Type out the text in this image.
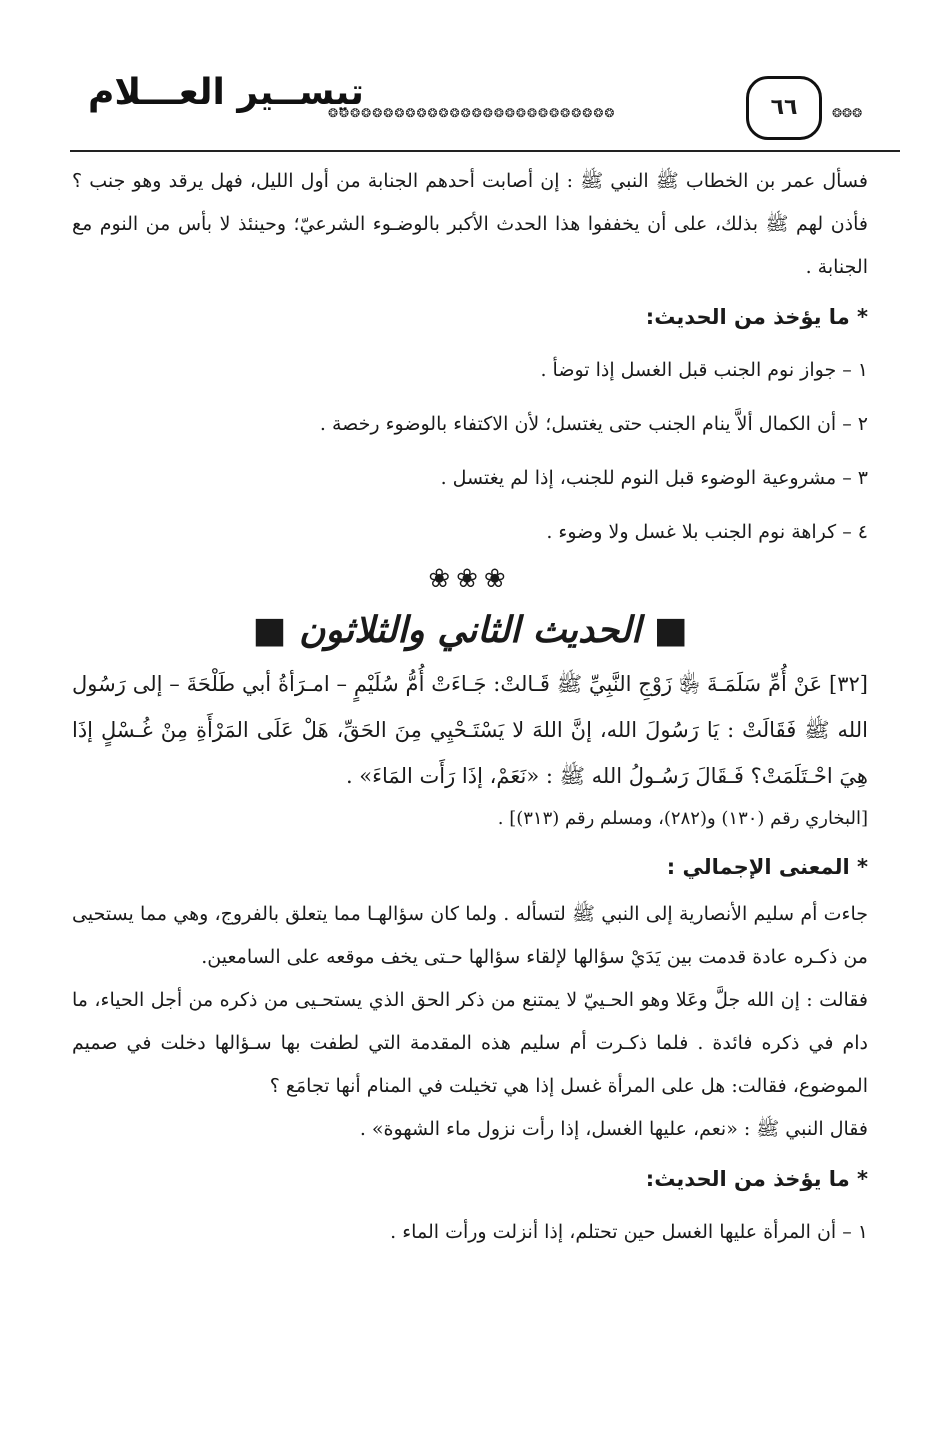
تيســير العـــلام
❂❂❂❂❂❂❂❂❂❂❂❂❂❂❂❂❂❂❂❂❂❂❂❂❂❂	٦٦	❂❂❂

فسأل عمر بن الخطاب ﷺ النبي ﷺ : إن أصابت أحدهم الجنابة من أول الليل، فهل يرقد وهو جنب ؟ فأذن لهم ﷺ بذلك، على أن يخففوا هذا الحدث الأكبر بالوضـوء الشرعيّ؛ وحينئذ لا بأس من النوم مع الجنابة .

* ما يؤخذ من الحديث:

١ – جواز نوم الجنب قبل الغسل إذا توضأ .

٢ – أن الكمال ألاَّ ينام الجنب حتى يغتسل؛ لأن الاكتفاء بالوضوء رخصة .

٣ – مشروعية الوضوء قبل النوم للجنب، إذا لم يغتسل .

٤ – كراهة نوم الجنب بلا غسل ولا وضوء .

❀❀❀

■ الحديث الثاني والثلاثون ■

[٣٢] عَنْ أُمِّ سَلَمَـةَ ﵂ زَوْجِ النَّبِيِّ ﷺ قَـالتْ: جَـاءَتْ أُمُّ سُلَيْمٍ – امـرَأةُ أبي طَلْحَةَ – إلى رَسُول الله ﷺ فَقَالَتْ : يَا رَسُولَ الله، إنَّ اللهَ لا يَسْتَـحْيِي مِنَ الحَقِّ، هَلْ عَلَى المَرْأَةِ مِنْ غُـسْلٍ إذَا هِيَ احْـتَلَمَتْ؟ فَـقَالَ رَسُـولُ الله ﷺ : «نَعَمْ، إذَا رَأَت المَاءَ» .

[البخاري رقم (١٣٠) و(٢٨٢)، ومسلم رقم (٣١٣)] .

* المعنى الإجمالي :

جاءت أم سليم الأنصارية إلى النبي ﷺ لتسأله . ولما كان سؤالهـا مما يتعلق بالفروج، وهي مما يستحيى من ذكـره عادة قدمت بين يَدَيْ سؤالها لإلقاء سؤالها حـتى يخف موقعه على السامعين.

فقالت : إن الله جلَّ وعَلا وهو الحـييّ لا يمتنع من ذكر الحق الذي يستحـيى من ذكره من أجل الحياء، ما دام في ذكره فائدة . فلما ذكـرت أم سليم هذه المقدمة التي لطفت بها سـؤالها دخلت في صميم الموضوع، فقالت: هل على المرأة غسل إذا هي تخيلت في المنام أنها تجامَع ؟

فقال النبي ﷺ : «نعم، عليها الغسل، إذا رأت نزول ماء الشهوة» .

* ما يؤخذ من الحديث:

١ – أن المرأة عليها الغسل حين تحتلم، إذا أنزلت ورأت الماء .
